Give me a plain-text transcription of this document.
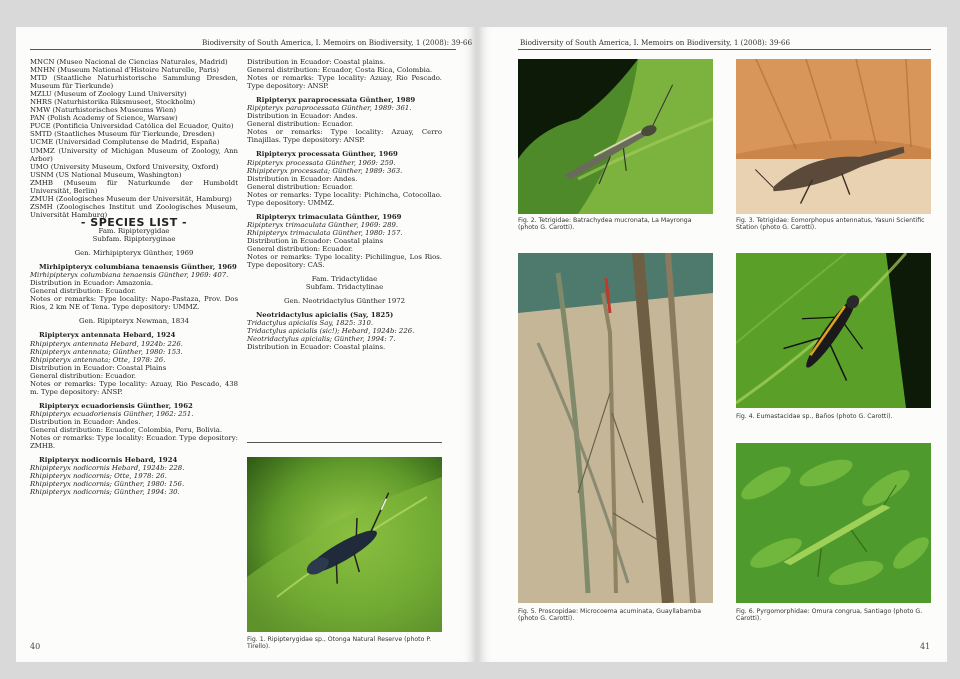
Biodiversity of South America, I. Memoirs on Biodiversity, 1 (2008): 39-66
MNCN (Museo Nacional de Ciencias Naturales, Madrid)
MNHN (Museum National d'Histoire Naturelle, Paris)
MTD (Staatliche Naturhistorische Sammlung Dresden, Museum für Tierkunde)
MZLU (Museum of Zoology Lund University)
NHRS (Naturhistorika Riksmuseet, Stockholm)
NMW (Naturhistorisches Museums Wien)
PAN (Polish Academy of Science, Warsaw)
PUCE (Pontificia Universidad Católica del Ecuador, Quito)
SMTD (Staatliches Museum für Tierkunde, Dresden)
UCME (Universidad Complutense de Madrid, España)
UMMZ (University of Michigan Museum of Zoology, Ann Arbor)
UMO (University Museum, Oxford University, Oxford)
USNM (US National Museum, Washington)
ZMHB (Museum für Naturkunde der Humboldt Universität, Berlin)
ZMUH (Zoologisches Museum der Universität, Hamburg)
ZSMH (Zoologisches Institut und Zoologisches Museum, Universität Hamburg)
- SPECIES LIST -
Fam. Ripipterygidae
Subfam. Ripipteryginae
Gen. Mirhipipteryx Günther, 1969
Mirhipipteryx columbiana tenaensis Günther, 1969
Mirhipipteryx columbiana tenaensis Günther, 1969: 407.
Distribution in Ecuador: Amazonia.
General distribution: Ecuador.
Notes or remarks: Type locality: Napo-Pastaza, Prov. Dos Rios, 2 km NE of Tena. Type depository: UMMZ.
Gen. Ripipteryx Newman, 1834
Ripipteryx antennata Hebard, 1924
Rhipipteryx antennata Hebard, 1924b: 226.
Rhipipteryx antennata; Günther, 1980: 153.
Rhipipteryx antennata; Otte, 1978: 26.
Distribution in Ecuador: Coastal Plains
General distribution: Ecuador.
Notes or remarks: Type locality: Azuay, Rio Pescado, 438 m. Type depository: ANSP.
Ripipteryx ecuadoriensis Günther, 1962
Rhipipteryx ecuadoriensis Günther, 1962: 251.
Distribution in Ecuador: Andes.
General distribution: Ecuador, Colombia, Peru, Bolivia.
Notes or remarks: Type locality: Ecuador. Type depository: ZMHB.
Ripipteryx nodicornis Hebard, 1924
Rhipipteryx nodicornis Hebard, 1924b: 228.
Rhipipteryx nodicornis; Otte, 1978: 26.
Rhipipteryx nodicornis; Günther, 1980: 156.
Rhipipteryx nodicornis; Günther, 1994: 30.
Distribution in Ecuador: Coastal plains.
General distribution: Ecuador, Costa Rica, Colombia.
Notes or remarks: Type locality: Azuay, Rio Pescado. Type depository: ANSP.
Ripipteryx paraprocessata Günther, 1989
Ripipteryx paraprocessata Günther, 1989: 361.
Distribution in Ecuador: Andes.
General distribution: Ecuador.
Notes or remarks: Type locality: Azuay, Cerro Tinajillas. Type depository: ANSP.
Ripipteryx processata Günther, 1969
Ripipteryx processata Günther, 1969: 259.
Rhipipteryx processata; Günther, 1989: 363.
Distribution in Ecuador: Andes.
General distribution: Ecuador.
Notes or remarks: Type locality: Pichincha, Cotocollao. Type depository: UMMZ.
Ripipteryx trimaculata Günther, 1969
Ripipteryx trimaculata Günther, 1969: 289.
Rhipipteryx trimaculata Günther, 1980: 157.
Distribution in Ecuador: Coastal plains
General distribution: Ecuador.
Notes or remarks: Type locality: Pichilingue, Los Rios. Type depository: CAS.
Fam. Tridactylidae
Subfam. Tridactylinae
Gen. Neotridactylus Günther 1972
Neotridactylus apicialis (Say, 1825)
Tridactylus apicialis Say, 1825: 310.
Tridactylus apicialis (sic!); Hebard, 1924b: 226.
Neotridactylus apicialis; Günther, 1994: 7.
Distribution in Ecuador: Coastal plains.
Fig. 1. Ripipterygidae sp., Otonga Natural Reserve (photo P. Tirello).
40
Biodiversity of South America, I. Memoirs on Biodiversity, 1 (2008): 39-66
Fig. 2. Tetrigidae: Batrachydea mucronata, La Mayronga (photo G. Carotti).
Fig. 3. Tetrigidae: Eomorphopus antennatus, Yasuni Scientific Station (photo G. Carotti).
Fig. 5. Proscopidae: Microcoema acuminata, Guayllabamba (photo G. Carotti).
Fig. 4. Eumastacidae sp., Baños (photo G. Carotti).
Fig. 6. Pyrgomorphidae: Omura congrua, Santiago (photo G. Carotti).
41
